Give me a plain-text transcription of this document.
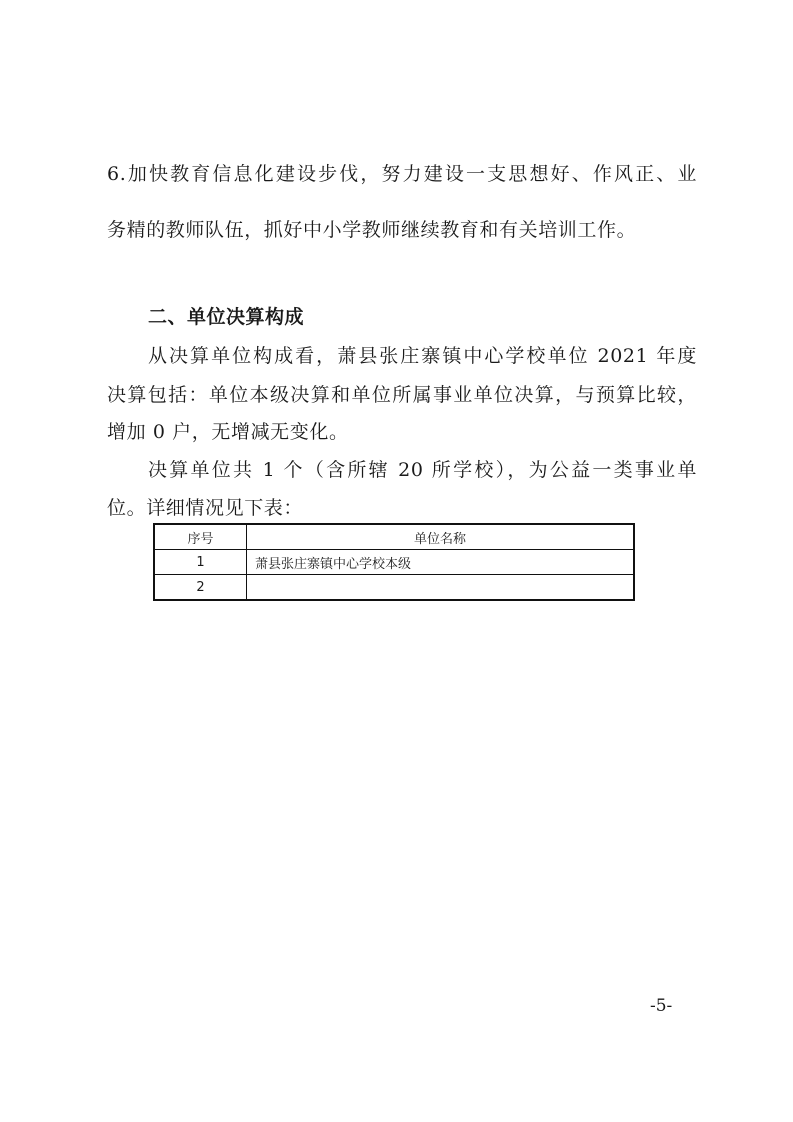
6.加快教育信息化建设步伐，努力建设一支思想好、作风正、业
务精的教师队伍，抓好中小学教师继续教育和有关培训工作。
二、单位决算构成
从决算单位构成看，萧县张庄寨镇中心学校单位 2021 年度
决算包括：单位本级决算和单位所属事业单位决算，与预算比较，
增加 0 户，无增减无变化。
决算单位共 1 个（含所辖 20 所学校），为公益一类事业单
位。详细情况见下表：
序号	单位名称
1	萧县张庄寨镇中心学校本级
2	
-5-
